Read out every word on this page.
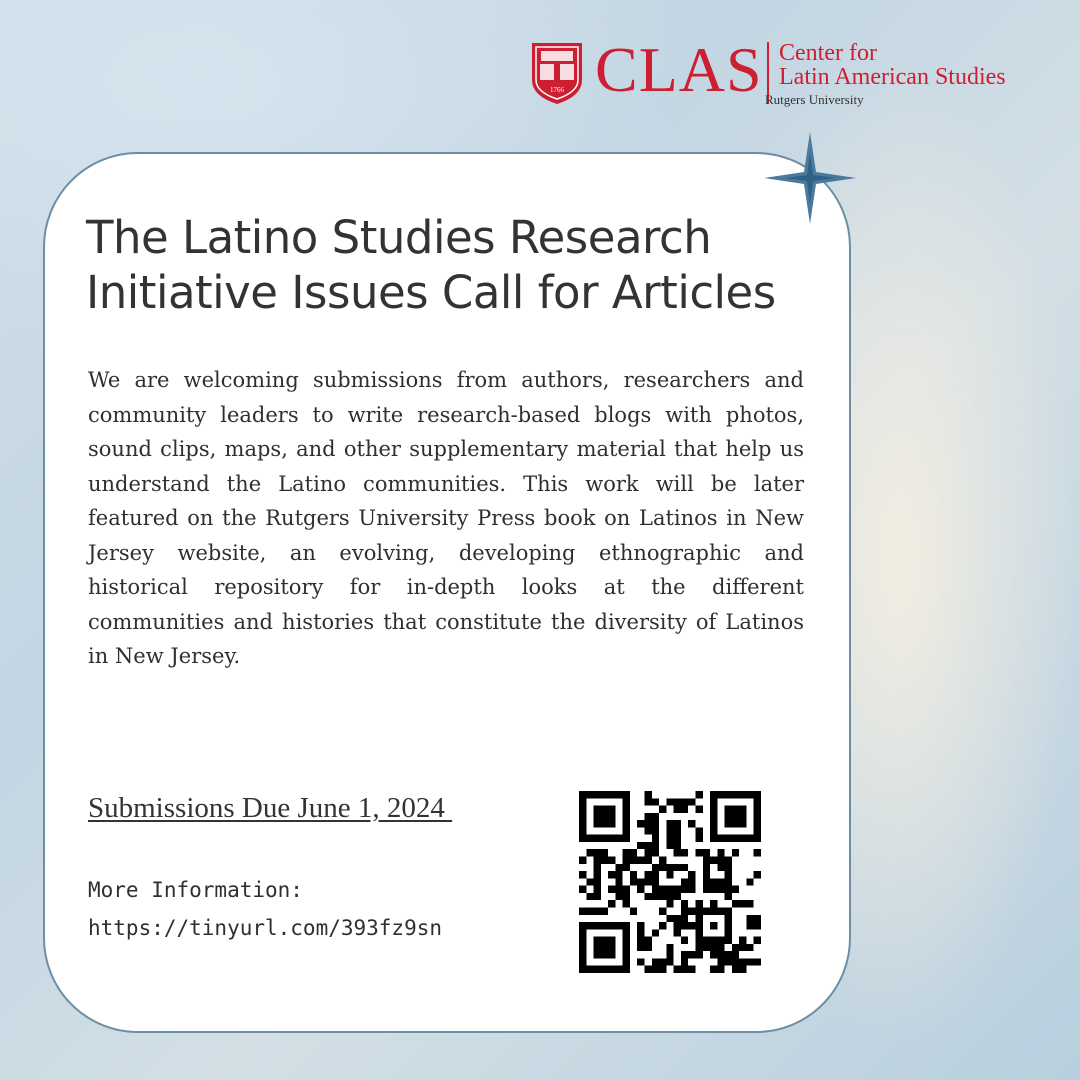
1766 CLAS Center for
Latin American Studies
Rutgers University
The Latino Studies Research Initiative Issues Call for Articles

We are welcoming submissions from authors, researchers and community leaders to write research-based blogs with photos, sound clips, maps, and other supplementary material that help us understand the Latino communities. This work will be later featured on the Rutgers University Press book on Latinos in New Jersey website, an evolving, developing ethnographic and historical repository for in-depth looks at the different communities and histories that constitute the diversity of Latinos in New Jersey.

Submissions Due June 1, 2024

More Information:

https://tinyurl.com/393fz9sn
